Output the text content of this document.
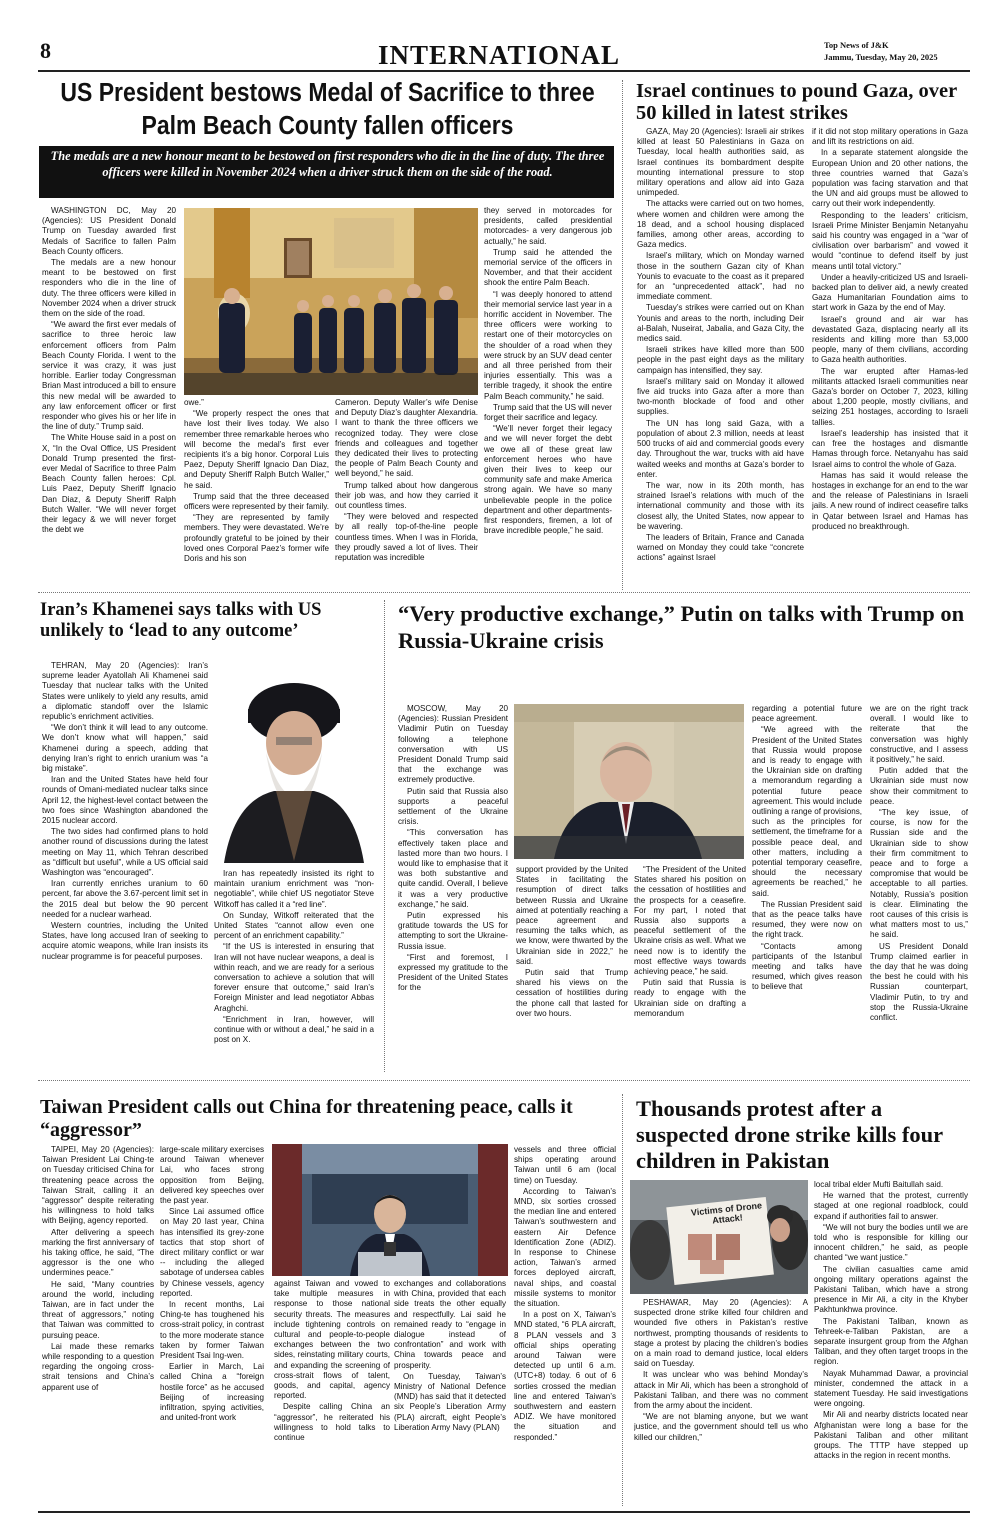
8	INTERNATIONAL	Top News of J&K
Jammu, Tuesday, May 20, 2025
US President bestows Medal of Sacrifice to three
Palm Beach County fallen officers
The medals are a new honour meant to be bestowed on first responders who die in the line of duty. The three officers were killed in November 2024 when a driver struck them on the side of the road.

WASHINGTON DC, May 20 (Agencies): US President Donald Trump on Tuesday awarded first Medals of Sacrifice to fallen Palm Beach County officers.

The medals are a new honour meant to be bestowed on first responders who die in the line of duty. The three officers were killed in November 2024 when a driver struck them on the side of the road.

“We award the first ever medals of sacrifice to three heroic law enforcement officers from Palm Beach County Florida. I went to the service it was crazy, it was just horrible. Earlier today Congressman Brian Mast introduced a bill to ensure this new medal will be awarded to any law enforcement officer or first responder who gives his or her life in the line of duty.” Trump said.

The White House said in a post on X, “In the Oval Office, US President Donald Trump presented the first-ever Medal of Sacrifice to three Palm Beach County fallen heroes: Cpl. Luis Paez, Deputy Sheriff Ignacio Dan Diaz, & Deputy Sheriff Ralph Butch Waller. “We will never forget their legacy & we will never forget the debt we

owe.”

“We properly respect the ones that have lost their lives today. We also remember three remarkable heroes who will become the medal’s first ever recipients it’s a big honor. Corporal Luis Paez, Deputy Sheriff Ignacio Dan Diaz, and Deputy Sheriff Ralph Butch Waller,” he said.

Trump said that the three deceased officers were represented by their family.

“They are represented by family members. They were devastated. We’re profoundly grateful to be joined by their loved ones Corporal Paez’s former wife Doris and his son

Cameron. Deputy Waller’s wife Denise and Deputy Diaz’s daughter Alexandria. I want to thank the three officers we recognized today. They were close friends and colleagues and together they dedicated their lives to protecting the people of Palm Beach County and well beyond,” he said.

Trump talked about how dangerous their job was, and how they carried it out countless times.

“They were beloved and respected by all really top-of-the-line people countless times. When I was in Florida, they proudly saved a lot of lives. Their reputation was incredible

they served in motorcades for presidents, called presidential motorcades- a very dangerous job actually,” he said.

Trump said he attended the memorial service of the officers in November, and that their accident shook the entire Palm Beach.

“I was deeply honored to attend their memorial service last year in a horrific accident in November. The three officers were working to restart one of their motorcycles on the shoulder of a road when they were struck by an SUV dead center and all three perished from their injuries essentially. This was a terrible tragedy, it shook the entire Palm Beach community,” he said.

Trump said that the US will never forget their sacrifice and legacy.

“We’ll never forget their legacy and we will never forget the debt we owe all of these great law enforcement heroes who have given their lives to keep our community safe and make America strong again. We have so many unbelievable people in the police department and other departments- first responders, firemen, a lot of brave incredible people,” he said.

Israel continues to pound Gaza, over 50 killed in latest strikes

GAZA, May 20 (Agencies): Israeli air strikes killed at least 50 Palestinians in Gaza on Tuesday, local health authorities said, as Israel continues its bombardment despite mounting international pressure to stop military operations and allow aid into Gaza unimpeded.

The attacks were carried out on two homes, where women and children were among the 18 dead, and a school housing displaced families, among other areas, according to Gaza medics.

Israel’s military, which on Monday warned those in the southern Gazan city of Khan Younis to evacuate to the coast as it prepared for an “unprecedented attack”, had no immediate comment.

Tuesday’s strikes were carried out on Khan Younis and areas to the north, including Deir al-Balah, Nuseirat, Jabalia, and Gaza City, the medics said.

Israeli strikes have killed more than 500 people in the past eight days as the military campaign has intensified, they say.

Israel’s military said on Monday it allowed five aid trucks into Gaza after a more than two-month blockade of food and other supplies.

The UN has long said Gaza, with a population of about 2.3 million, needs at least 500 trucks of aid and commercial goods every day. Throughout the war, trucks with aid have waited weeks and months at Gaza’s border to enter.

The war, now in its 20th month, has strained Israel’s relations with much of the international community and those with its closest ally, the United States, now appear to be wavering.

The leaders of Britain, France and Canada warned on Monday they could take “concrete actions” against Israel

if it did not stop military operations in Gaza and lift its restrictions on aid.

In a separate statement alongside the European Union and 20 other nations, the three countries warned that Gaza’s population was facing starvation and that the UN and aid groups must be allowed to carry out their work independently.

Responding to the leaders’ criticism, Israeli Prime Minister Benjamin Netanyahu said his country was engaged in a “war of civilisation over barbarism” and vowed it would “continue to defend itself by just means until total victory.”

Under a heavily-criticized US and Israeli-backed plan to deliver aid, a newly created Gaza Humanitarian Foundation aims to start work in Gaza by the end of May.

Israel’s ground and air war has devastated Gaza, displacing nearly all its residents and killing more than 53,000 people, many of them civilians, according to Gaza health authorities.

The war erupted after Hamas-led militants attacked Israeli communities near Gaza’s border on October 7, 2023, killing about 1,200 people, mostly civilians, and seizing 251 hostages, according to Israeli tallies.

Israel’s leadership has insisted that it can free the hostages and dismantle Hamas through force. Netanyahu has said Israel aims to control the whole of Gaza.

Hamas has said it would release the hostages in exchange for an end to the war and the release of Palestinians in Israeli jails. A new round of indirect ceasefire talks in Qatar between Israel and Hamas has produced no breakthrough.

Iran’s Khamenei says talks with US unlikely to ‘lead to any outcome’

TEHRAN, May 20 (Agencies): Iran’s supreme leader Ayatollah Ali Khamenei said Tuesday that nuclear talks with the United States were unlikely to yield any results, amid a diplomatic standoff over the Islamic republic’s enrichment activities.

“We don’t think it will lead to any outcome. We don’t know what will happen,” said Khamenei during a speech, adding that denying Iran’s right to enrich uranium was “a big mistake”.

Iran and the United States have held four rounds of Omani-mediated nuclear talks since April 12, the highest-level contact between the two foes since Washington abandoned the 2015 nuclear accord.

The two sides had confirmed plans to hold another round of discussions during the latest meeting on May 11, which Tehran described as “difficult but useful”, while a US official said Washington was “encouraged”.

Iran currently enriches uranium to 60 percent, far above the 3.67-percent limit set in the 2015 deal but below the 90 percent needed for a nuclear warhead.

Western countries, including the United States, have long accused Iran of seeking to acquire atomic weapons, while Iran insists its nuclear programme is for peaceful purposes.

Iran has repeatedly insisted its right to maintain uranium enrichment was “non-negotiable”, while chief US negotiator Steve Witkoff has called it a “red line”.

On Sunday, Witkoff reiterated that the United States “cannot allow even one percent of an enrichment capability.”

“If the US is interested in ensuring that Iran will not have nuclear weapons, a deal is within reach, and we are ready for a serious conversation to achieve a solution that will forever ensure that outcome,” said Iran’s Foreign Minister and lead negotiator Abbas Araghchi.

“Enrichment in Iran, however, will continue with or without a deal,” he said in a post on X.

“Very productive exchange,” Putin on talks with Trump on Russia-Ukraine crisis

MOSCOW, May 20 (Agencies): Russian President Vladimir Putin on Tuesday following a telephone conversation with US President Donald Trump said that the exchange was extremely productive.

Putin said that Russia also supports a peaceful settlement of the Ukraine crisis.

“This conversation has effectively taken place and lasted more than two hours. I would like to emphasise that it was both substantive and quite candid. Overall, I believe it was a very productive exchange,” he said.

Putin expressed his gratitude towards the US for attempting to sort the Ukraine-Russia issue.

“First and foremost, I expressed my gratitude to the President of the United States for the

support provided by the United States in facilitating the resumption of direct talks between Russia and Ukraine aimed at potentially reaching a peace agreement and resuming the talks which, as we know, were thwarted by the Ukrainian side in 2022,” he said.

Putin said that Trump shared his views on the cessation of hostilities during the phone call that lasted for over two hours.

“The President of the United States shared his position on the cessation of hostilities and the prospects for a ceasefire. For my part, I noted that Russia also supports a peaceful settlement of the Ukraine crisis as well. What we need now is to identify the most effective ways towards achieving peace,” he said.

Putin said that Russia is ready to engage with the Ukrainian side on drafting a memorandum

regarding a potential future peace agreement.

“We agreed with the President of the United States that Russia would propose and is ready to engage with the Ukrainian side on drafting a memorandum regarding a potential future peace agreement. This would include outlining a range of provisions, such as the principles for settlement, the timeframe for a possible peace deal, and other matters, including a potential temporary ceasefire, should the necessary agreements be reached,” he said.

The Russian President said that as the peace talks have resumed, they were now on the right track.

“Contacts among participants of the Istanbul meeting and talks have resumed, which gives reason to believe that

we are on the right track overall. I would like to reiterate that the conversation was highly constructive, and I assess it positively,” he said.

Putin added that the Ukrainian side must now show their commitment to peace.

“The key issue, of course, is now for the Russian side and the Ukrainian side to show their firm commitment to peace and to forge a compromise that would be acceptable to all parties. Notably, Russia’s position is clear. Eliminating the root causes of this crisis is what matters most to us,” he said.

US President Donald Trump claimed earlier in the day that he was doing the best he could with his Russian counterpart, Vladimir Putin, to try and stop the Russia-Ukraine conflict.

Taiwan President calls out China for threatening peace, calls it “aggressor”

TAIPEI, May 20 (Agencies): Taiwan President Lai Ching-te on Tuesday criticised China for threatening peace across the Taiwan Strait, calling it an “aggressor” despite reiterating his willingness to hold talks with Beijing, agency reported.

After delivering a speech marking the first anniversary of his taking office, he said, “The aggressor is the one who undermines peace.”

He said, “Many countries around the world, including Taiwan, are in fact under the threat of aggressors,” noting that Taiwan was committed to pursuing peace.

Lai made these remarks while responding to a question regarding the ongoing cross-strait tensions and China’s apparent use of

large-scale military exercises around Taiwan whenever Lai, who faces strong opposition from Beijing, delivered key speeches over the past year.

Since Lai assumed office on May 20 last year, China has intensified its grey-zone tactics that stop short of direct military conflict or war -- including the alleged sabotage of undersea cables by Chinese vessels, agency reported.

In recent months, Lai Ching-te has toughened his cross-strait policy, in contrast to the more moderate stance taken by former Taiwan President Tsai Ing-wen.

Earlier in March, Lai called China a “foreign hostile force” as he accused Beijing of increasing infiltration, spying activities, and united-front work

against Taiwan and vowed to take multiple measures in response to those national security threats. The measures include tightening controls on cultural and people-to-people exchanges between the two sides, reinstating military courts, and expanding the screening of cross-strait flows of talent, goods, and capital, agency reported.

Despite calling China an “aggressor”, he reiterated his willingness to hold talks to continue

exchanges and collaborations with China, provided that each side treats the other equally and respectfully. Lai said he remained ready to “engage in dialogue instead of confrontation” and work with China towards peace and prosperity.

On Tuesday, Taiwan’s Ministry of National Defence (MND) has said that it detected six People’s Liberation Army (PLA) aircraft, eight People’s Liberation Army Navy (PLAN)

vessels and three official ships operating around Taiwan until 6 am (local time) on Tuesday.

According to Taiwan’s MND, six sorties crossed the median line and entered Taiwan’s southwestern and eastern Air Defence Identification Zone (ADIZ). In response to Chinese action, Taiwan’s armed forces deployed aircraft, naval ships, and coastal missile systems to monitor the situation.

In a post on X, Taiwan’s MND stated, “6 PLA aircraft, 8 PLAN vessels and 3 official ships operating around Taiwan were detected up until 6 a.m. (UTC+8) today. 6 out of 6 sorties crossed the median line and entered Taiwan’s southwestern and eastern ADIZ. We have monitored the situation and responded.”

Thousands protest after a suspected drone strike kills four children in Pakistan
Victims of Drone Attack!

PESHAWAR, May 20 (Agencies): A suspected drone strike killed four children and wounded five others in Pakistan’s restive northwest, prompting thousands of residents to stage a protest by placing the children’s bodies on a main road to demand justice, local elders said on Tuesday.

It was unclear who was behind Monday’s attack in Mir Ali, which has been a stronghold of Pakistani Taliban, and there was no comment from the army about the incident.

“We are not blaming anyone, but we want justice, and the government should tell us who killed our children,”

local tribal elder Mufti Baitullah said.

He warned that the protest, currently staged at one regional roadblock, could expand if authorities fail to answer.

“We will not bury the bodies until we are told who is responsible for killing our innocent children,” he said, as people chanted “we want justice.”

The civilian casualties came amid ongoing military operations against the Pakistani Taliban, which have a strong presence in Mir Ali, a city in the Khyber Pakhtunkhwa province.

The Pakistani Taliban, known as Tehreek-e-Taliban Pakistan, are a separate insurgent group from the Afghan Taliban, and they often target troops in the region.

Nayak Muhammad Dawar, a provincial minister, condemned the attack in a statement Tuesday. He said investigations were ongoing.

Mir Ali and nearby districts located near Afghanistan were long a base for the Pakistani Taliban and other militant groups. The TTTP have stepped up attacks in the region in recent months.
